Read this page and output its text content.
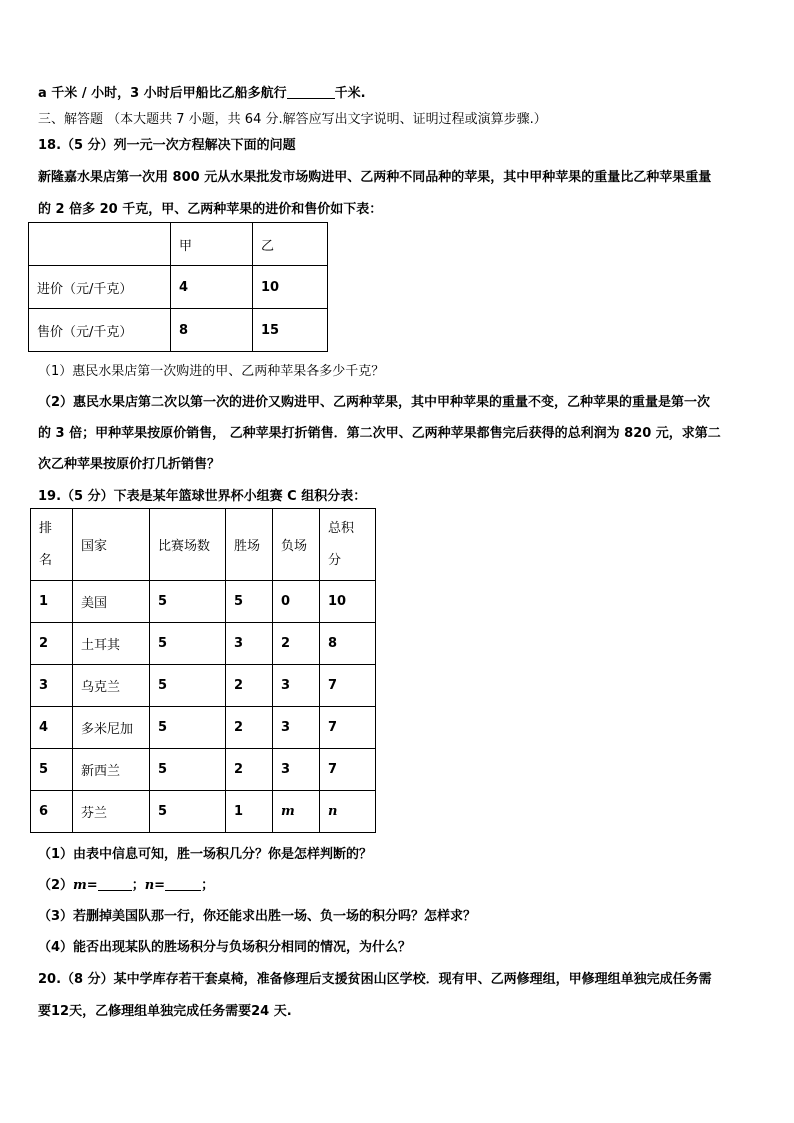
a 千米 / 小时，3 小时后甲船比乙船多航行	千米.
三、解答题 （本大题共 7 小题，共 64 分.解答应写出文字说明、证明过程或演算步骤.）
18.（5 分）列一元一次方程解决下面的问题
新隆嘉水果店第一次用 800 元从水果批发市场购进甲、乙两种不同品种的苹果，其中甲种苹果的重量比乙种苹果重量
的 2 倍多 20 千克，甲、乙两种苹果的进价和售价如下表：
	甲	乙
进价（元/千克）	4	10
售价（元/千克）	8	15
（1）惠民水果店第一次购进的甲、乙两种苹果各多少千克？
（2）惠民水果店第二次以第一次的进价又购进甲、乙两种苹果，其中甲种苹果的重量不变，乙种苹果的重量是第一次
的 3 倍；甲种苹果按原价销售， 乙种苹果打折销售．第二次甲、乙两种苹果都售完后获得的总利润为 820 元，求第二
次乙种苹果按原价打几折销售？
19.（5 分）下表是某年篮球世界杯小组赛 C 组积分表：
排
名	国家	比赛场数	胜场	负场	总积
分

1	美国	5	5	0	10
2	土耳其	5	3	2	8
3	乌克兰	5	2	3	7
4	多米尼加	5	2	3	7
5	新西兰	5	2	3	7
6	芬兰	5	1	m	n
（1）由表中信息可知，胜一场积几分？你是怎样判断的？
（2）m=	；n=	；
（3）若删掉美国队那一行，你还能求出胜一场、负一场的积分吗？怎样求？
（4）能否出现某队的胜场积分与负场积分相同的情况，为什么？
20.（8 分）某中学库存若干套桌椅，准备修理后支援贫困山区学校．现有甲、乙两修理组，甲修理组单独完成任务需
要12天，乙修理组单独完成任务需要24 天.
